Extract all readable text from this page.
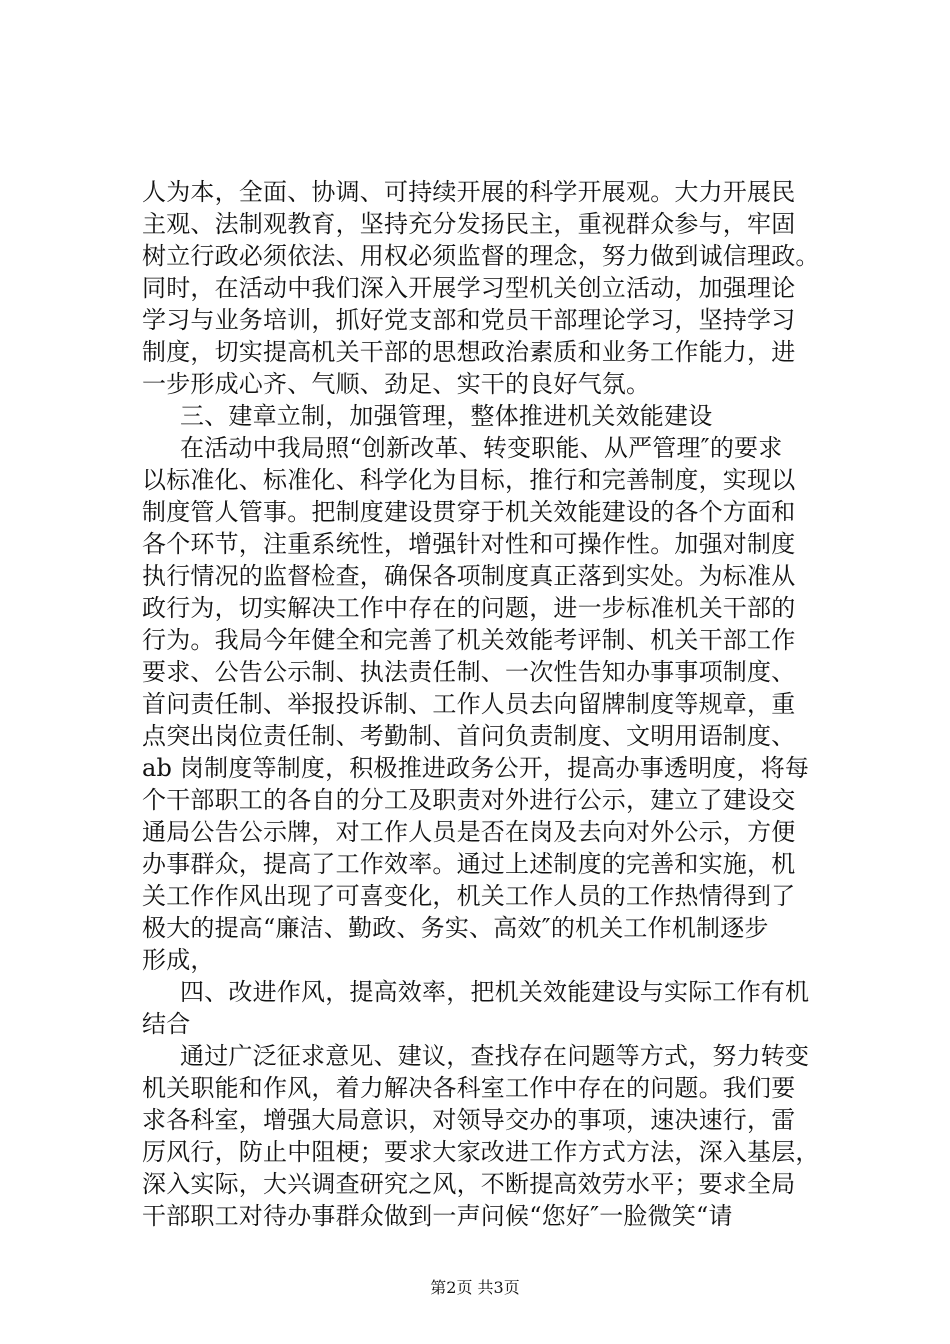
人为本，全面、协调、可持续开展的科学开展观。大力开展民
主观、法制观教育，坚持充分发扬民主，重视群众参与，牢固
树立行政必须依法、用权必须监督的理念，努力做到诚信理政。
同时，在活动中我们深入开展学习型机关创立活动，加强理论
学习与业务培训，抓好党支部和党员干部理论学习，坚持学习
制度，切实提高机关干部的思想政治素质和业务工作能力，进
一步形成心齐、气顺、劲足、实干的良好气氛。
三、建章立制，加强管理，整体推进机关效能建设
在活动中我局照“创新改革、转变职能、从严管理″的要求
以标准化、标准化、科学化为目标，推行和完善制度，实现以
制度管人管事。把制度建设贯穿于机关效能建设的各个方面和
各个环节，注重系统性，增强针对性和可操作性。加强对制度
执行情况的监督检查，确保各项制度真正落到实处。为标准从
政行为，切实解决工作中存在的问题，进一步标准机关干部的
行为。我局今年健全和完善了机关效能考评制、机关干部工作
要求、公告公示制、执法责任制、一次性告知办事事项制度、
首问责任制、举报投诉制、工作人员去向留牌制度等规章，重
点突出岗位责任制、考勤制、首问负责制度、文明用语制度、
ab 岗制度等制度，积极推进政务公开，提高办事透明度，将每
个干部职工的各自的分工及职责对外进行公示，建立了建设交
通局公告公示牌，对工作人员是否在岗及去向对外公示，方便
办事群众，提高了工作效率。通过上述制度的完善和实施，机
关工作作风出现了可喜变化，机关工作人员的工作热情得到了
极大的提高“廉洁、勤政、务实、高效″的机关工作机制逐步
形成，
四、改进作风，提高效率，把机关效能建设与实际工作有机
结合
通过广泛征求意见、建议，查找存在问题等方式，努力转变
机关职能和作风，着力解决各科室工作中存在的问题。我们要
求各科室，增强大局意识，对领导交办的事项，速决速行，雷
厉风行，防止中阻梗；要求大家改进工作方式方法，深入基层，
深入实际，大兴调查研究之风，不断提高效劳水平；要求全局
干部职工对待办事群众做到一声问候“您好″一脸微笑“请
第2页 共3页
